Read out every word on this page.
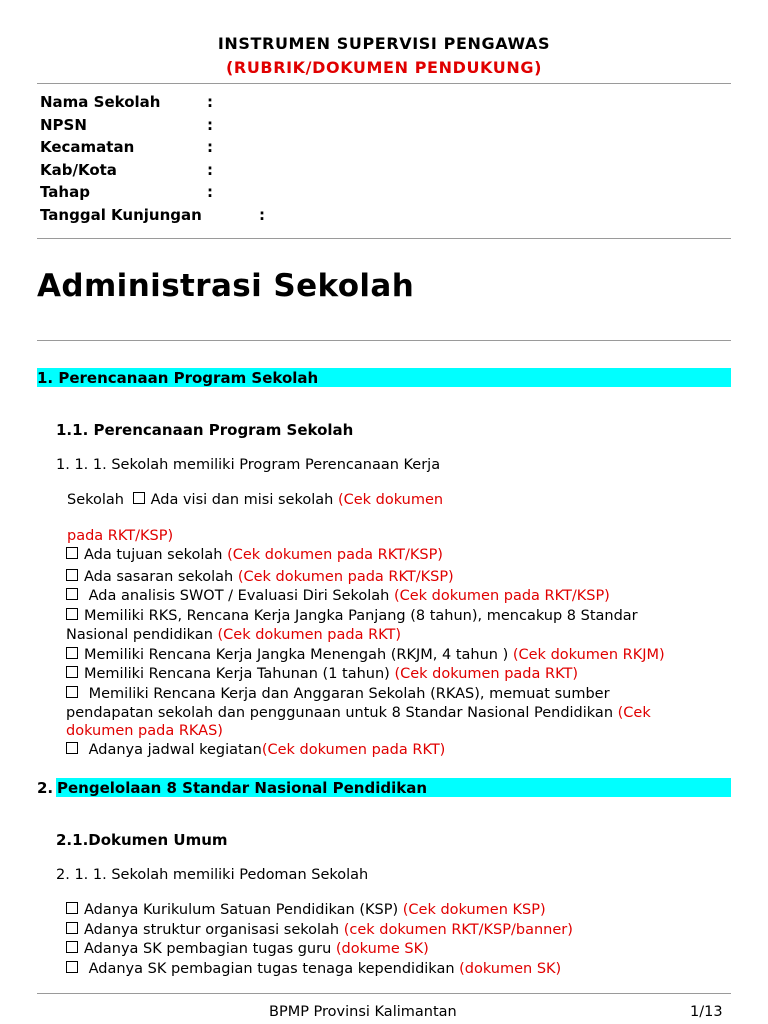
INSTRUMEN SUPERVISI PENGAWAS
(RUBRIK/DOKUMEN PENDUKUNG)
Nama Sekolah	:
NPSN	:
Kecamatan	:
Kab/Kota	:
Tahap	:
Tanggal Kunjungan	:
Administrasi Sekolah
1. Perencanaan Program Sekolah
1.1. Perencanaan Program Sekolah
1. 1. 1. Sekolah memiliki Program Perencanaan Kerja
Sekolah Ada visi dan misi sekolah (Cek dokumen
pada RKT/KSP)
Ada tujuan sekolah (Cek dokumen pada RKT/KSP)
Ada sasaran sekolah (Cek dokumen pada RKT/KSP)
Ada analisis SWOT / Evaluasi Diri Sekolah (Cek dokumen pada RKT/KSP)
Memiliki RKS, Rencana Kerja Jangka Panjang (8 tahun), mencakup 8 Standar
Nasional pendidikan (Cek dokumen pada RKT)
Memiliki Rencana Kerja Jangka Menengah (RKJM, 4 tahun ) (Cek dokumen RKJM)
Memiliki Rencana Kerja Tahunan (1 tahun) (Cek dokumen pada RKT)
Memiliki Rencana Kerja dan Anggaran Sekolah (RKAS), memuat sumber
pendapatan sekolah dan penggunaan untuk 8 Standar Nasional Pendidikan (Cek
dokumen pada RKAS)
Adanya jadwal kegiatan(Cek dokumen pada RKT)
2. Pengelolaan 8 Standar Nasional Pendidikan
2.1.Dokumen Umum
2. 1. 1. Sekolah memiliki Pedoman Sekolah
Adanya Kurikulum Satuan Pendidikan (KSP) (Cek dokumen KSP)
Adanya struktur organisasi sekolah (cek dokumen RKT/KSP/banner)
Adanya SK pembagian tugas guru (dokume SK)
Adanya SK pembagian tugas tenaga kependidikan (dokumen SK)
BPMP Provinsi Kalimantan	1/13
